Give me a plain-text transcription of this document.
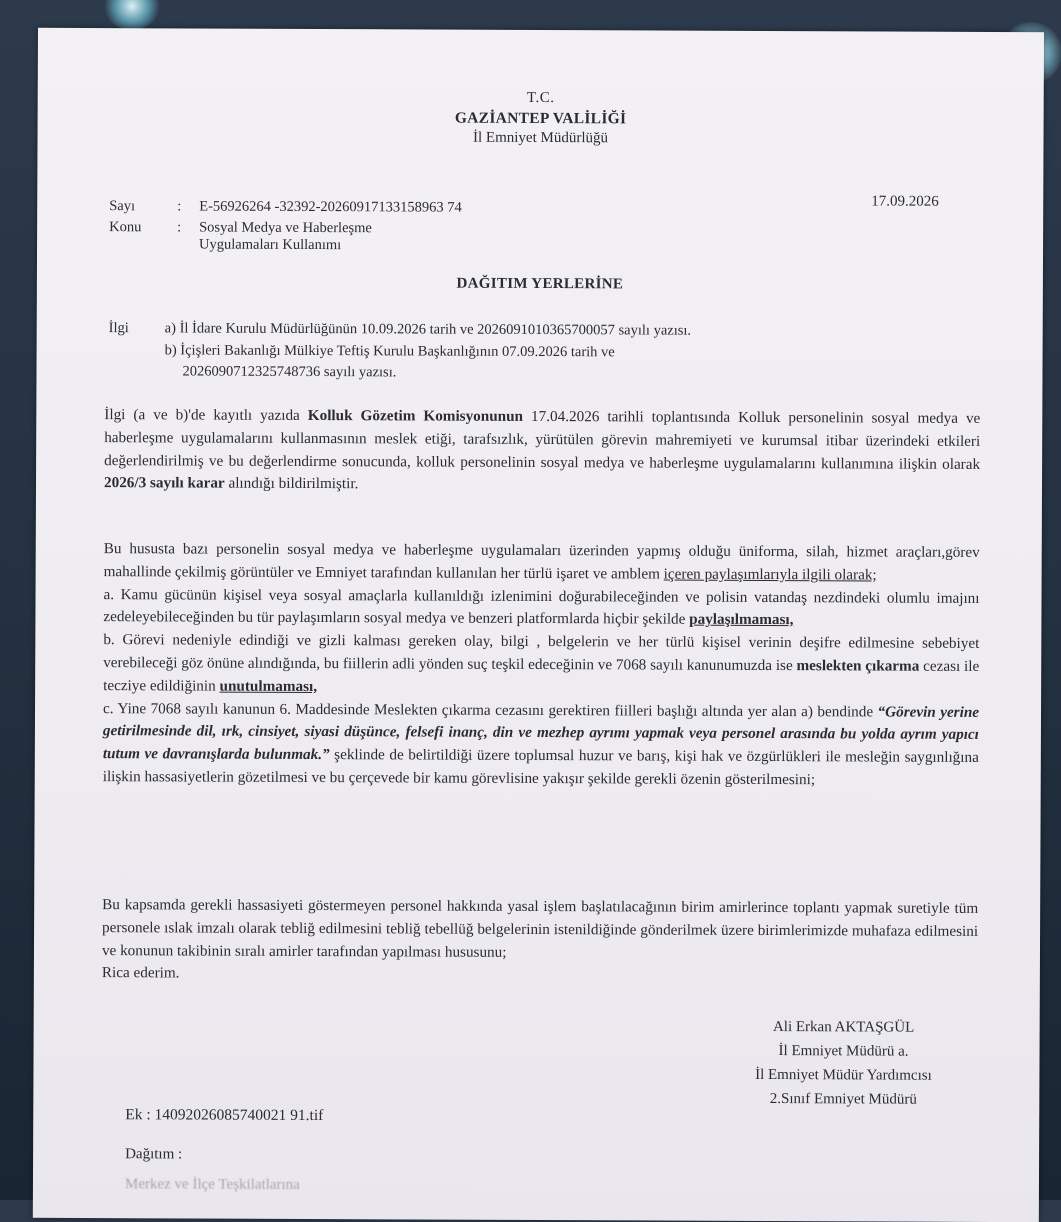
T.C.
GAZİANTEP VALİLİĞİ
İl Emniyet Müdürlüğü
Sayı	: E-56926264 -32392-20260917133158963 74	17.09.2026
Konu : Sosyal Medya ve Haberleşme
Uygulamaları Kullanımı
DAĞITIM YERLERİNE
İlgi a) İl İdare Kurulu Müdürlüğünün 10.09.2026 tarih ve 2026091010365700057 sayılı yazısı.
b) İçişleri Bakanlığı Mülkiye Teftiş Kurulu Başkanlığının 07.09.2026 tarih ve
2026090712325748736 sayılı yazısı.

İlgi (a ve b)'de kayıtlı yazıda Kolluk Gözetim Komisyonunun 17.04.2026 tarihli toplantısında Kolluk personelinin sosyal medya ve haberleşme uygulamalarını kullanmasının meslek etiği, tarafsızlık, yürütülen görevin mahremiyeti ve kurumsal itibar üzerindeki etkileri değerlendirilmiş ve bu değerlendirme sonucunda, kolluk personelinin sosyal medya ve haberleşme uygulamalarını kullanımına ilişkin olarak 2026/3 sayılı karar alındığı bildirilmiştir.

Bu hususta bazı personelin sosyal medya ve haberleşme uygulamaları üzerinden yapmış olduğu üniforma, silah, hizmet araçları,görev mahallinde çekilmiş görüntüler ve Emniyet tarafından kullanılan her türlü işaret ve amblem içeren paylaşımlarıyla ilgili olarak;

a. Kamu gücünün kişisel veya sosyal amaçlarla kullanıldığı izlenimini doğurabileceğinden ve polisin vatandaş nezdindeki olumlu imajını zedeleyebileceğinden bu tür paylaşımların sosyal medya ve benzeri platformlarda hiçbir şekilde paylaşılmaması,

b. Görevi nedeniyle edindiği ve gizli kalması gereken olay, bilgi , belgelerin ve her türlü kişisel verinin deşifre edilmesine sebebiyet verebileceği göz önüne alındığında, bu fiillerin adli yönden suç teşkil edeceğinin ve 7068 sayılı kanunumuzda ise meslekten çıkarma cezası ile tecziye edildiğinin unutulmaması,

c. Yine 7068 sayılı kanunun 6. Maddesinde Meslekten çıkarma cezasını gerektiren fiilleri başlığı altında yer alan a) bendinde “Görevin yerine getirilmesinde dil, ırk, cinsiyet, siyasi düşünce, felsefi inanç, din ve mezhep ayrımı yapmak veya personel arasında bu yolda ayrım yapıcı tutum ve davranışlarda bulunmak.” şeklinde de belirtildiği üzere toplumsal huzur ve barış, kişi hak ve özgürlükleri ile mesleğin saygınlığına ilişkin hassasiyetlerin gözetilmesi ve bu çerçevede bir kamu görevlisine yakışır şekilde gerekli özenin gösterilmesini;

Bu kapsamda gerekli hassasiyeti göstermeyen personel hakkında yasal işlem başlatılacağının birim amirlerince toplantı yapmak suretiyle tüm personele ıslak imzalı olarak tebliğ edilmesini tebliğ tebellüğ belgelerinin istenildiğinde gönderilmek üzere birimlerimizde muhafaza edilmesini ve konunun takibinin sıralı amirler tarafından yapılması hususunu;

Rica ederim.

Ali Erkan AKTAŞGÜL
İl Emniyet Müdürü a.
İl Emniyet Müdür Yardımcısı
2.Sınıf Emniyet Müdürü
Ek : 14092026085740021 91.tif
Dağıtım :
Merkez ve İlçe Teşkilatlarına
